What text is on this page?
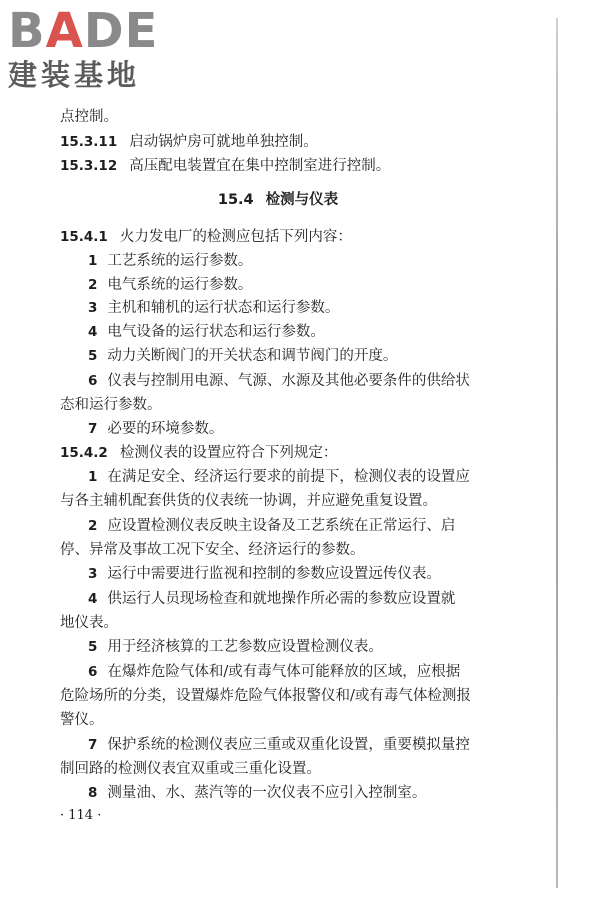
BADE
建装基地
点控制。
15.3.11 启动锅炉房可就地单独控制。
15.3.12 高压配电装置宜在集中控制室进行控制。
15.4 检测与仪表
15.4.1 火力发电厂的检测应包括下列内容：
1 工艺系统的运行参数。
2 电气系统的运行参数。
3 主机和辅机的运行状态和运行参数。
4 电气设备的运行状态和运行参数。
5 动力关断阀门的开关状态和调节阀门的开度。
6 仪表与控制用电源、气源、水源及其他必要条件的供给状
态和运行参数。
7 必要的环境参数。
15.4.2 检测仪表的设置应符合下列规定：
1 在满足安全、经济运行要求的前提下，检测仪表的设置应
与各主辅机配套供货的仪表统一协调，并应避免重复设置。
2 应设置检测仪表反映主设备及工艺系统在正常运行、启
停、异常及事故工况下安全、经济运行的参数。
3 运行中需要进行监视和控制的参数应设置远传仪表。
4 供运行人员现场检查和就地操作所必需的参数应设置就
地仪表。
5 用于经济核算的工艺参数应设置检测仪表。
6 在爆炸危险气体和/或有毒气体可能释放的区域，应根据
危险场所的分类，设置爆炸危险气体报警仪和/或有毒气体检测报
警仪。
7 保护系统的检测仪表应三重或双重化设置，重要模拟量控
制回路的检测仪表宜双重或三重化设置。
8 测量油、水、蒸汽等的一次仪表不应引入控制室。
· 114 ·
